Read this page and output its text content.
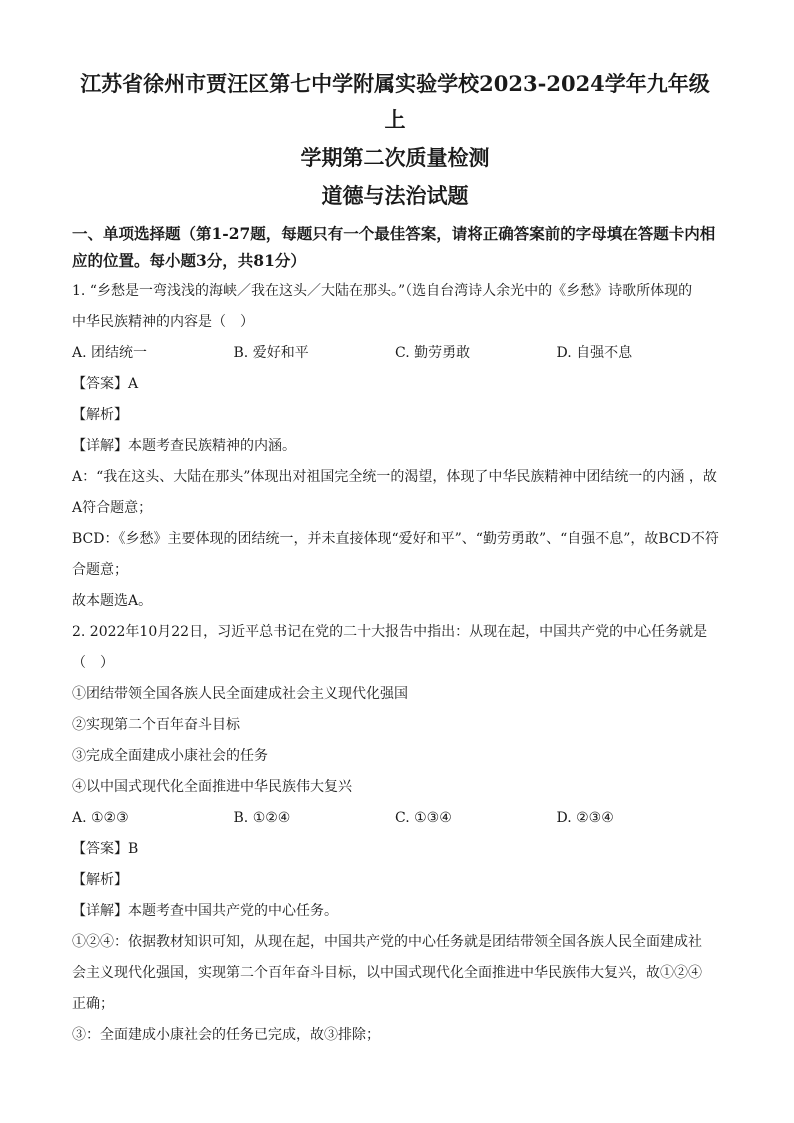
江苏省徐州市贾汪区第七中学附属实验学校2023-2024学年九年级上
学期第二次质量检测
道德与法治试题
一、单项选择题（第1-27题，每题只有一个最佳答案，请将正确答案前的字母填在答题卡内相应的位置。每小题3分，共81分）
1. “乡愁是一弯浅浅的海峡／我在这头／大陆在那头。”（选自台湾诗人余光中的《乡愁》诗歌所体现的
中华民族精神的内容是（　）
A. 团结统一	B. 爱好和平	C. 勤劳勇敢	D. 自强不息
【答案】A
【解析】
【详解】本题考查民族精神的内涵。
A：“我在这头、大陆在那头”体现出对祖国完全统一的渴望，体现了中华民族精神中团结统一的内涵 ，故
A符合题意；
BCD：《乡愁》主要体现的团结统一，并未直接体现“爱好和平”、“勤劳勇敢”、“自强不息”，故BCD不符
合题意；
故本题选A。
2. 2022年10月22日，习近平总书记在党的二十大报告中指出：从现在起，中国共产党的中心任务就是
（　）
①团结带领全国各族人民全面建成社会主义现代化强国
②实现第二个百年奋斗目标
③完成全面建成小康社会的任务
④以中国式现代化全面推进中华民族伟大复兴
A. ①②③	B. ①②④	C. ①③④	D. ②③④
【答案】B
【解析】
【详解】本题考查中国共产党的中心任务。
①②④：依据教材知识可知，从现在起，中国共产党的中心任务就是团结带领全国各族人民全面建成社
会主义现代化强国，实现第二个百年奋斗目标，以中国式现代化全面推进中华民族伟大复兴，故①②④
正确；
③：全面建成小康社会的任务已完成，故③排除；
